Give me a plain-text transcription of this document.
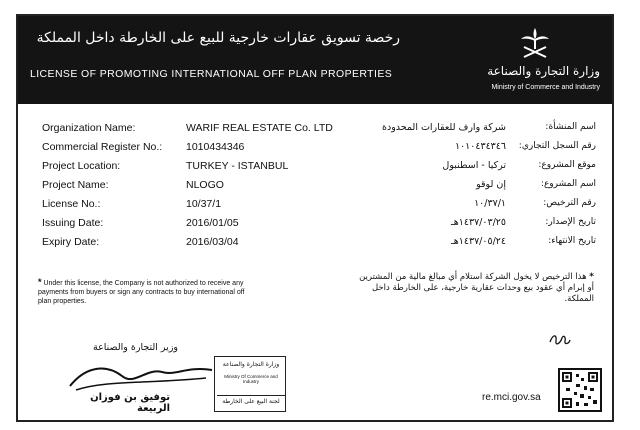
رخصة تسويق عقارات خارجية للبيع على الخارطة داخل المملكة
LICENSE OF PROMOTING INTERNATIONAL OFF PLAN PROPERTIES	وزارة التجارة والصناعة
Ministry of Commerce and Industry
Organization Name:	WARIF REAL ESTATE Co. LTD	شركة وارف للعقارات المحدودة	اسم المنشأة:
Commercial Register No.: 1010434346	١٠١٠٤٣٤٣٤٦ رقم السجل التجاري:
Project Location:	TURKEY - ISTANBUL	تركيا - اسطنبول	موقع المشروع:
Project Name:	NLOGO	إن لوقو	اسم المشروع:
License No.:	10/37/1	١٠/٣٧/١	رقم الترخيص:
Issuing Date:	2016/01/05	١٤٣٧/٠٣/٢٥هـ	تاريخ الإصدار:
Expiry Date:	2016/03/04	١٤٣٧/٠٥/٢٤هـ	تاريخ الانتهاء:
* Under this license, the Company is not authorized to receive any payments from buyers or sign any contracts to buy international off plan properties.
* هذا الترخيص لا يخول الشركة استلام أي مبالغ مالية من المشترين أو إبرام أي عقود بيع وحدات عقارية خارجية، على الخارطة داخل المملكة.
وزير التجارة والصناعة
توفيق بن فوزان الربيعة
وزارة التجارة والصناعة
Ministry Of Commerce and Industry
لجنة البيع على الخارطة	re.mci.gov.sa
